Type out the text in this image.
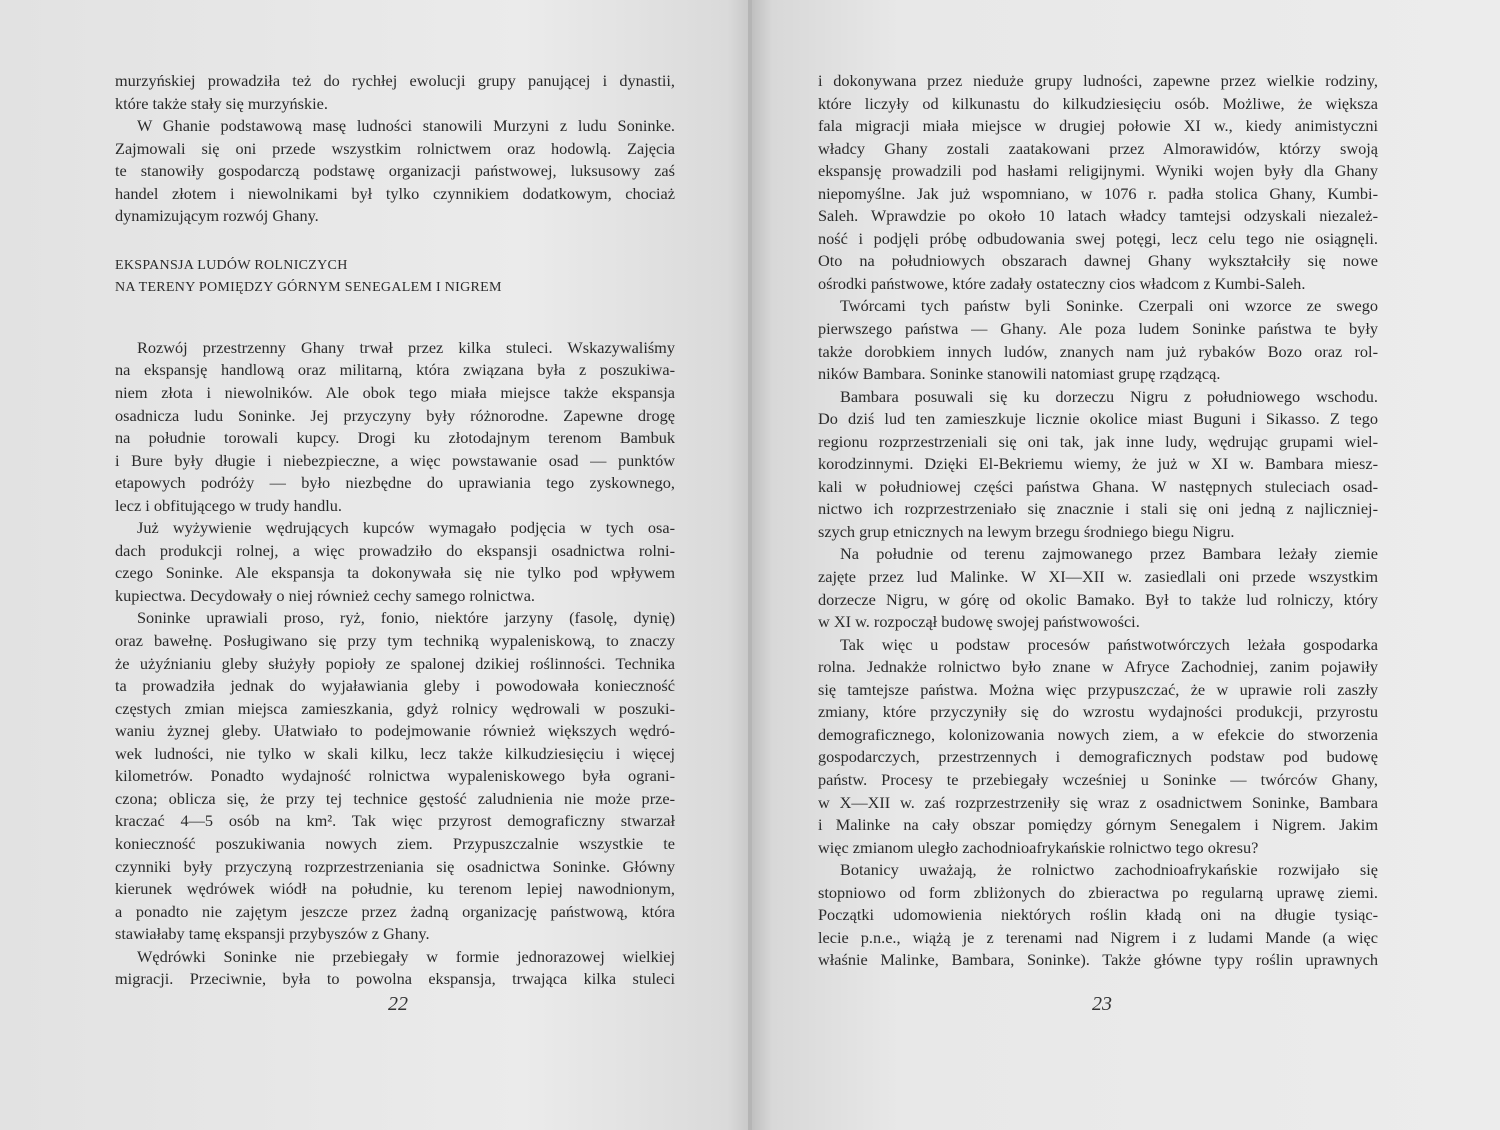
murzyńskiej prowadziła też do rychłej ewolucji grupy panującej i dynastii,
które także stały się murzyńskie.
W Ghanie podstawową masę ludności stanowili Murzyni z ludu Soninke.
Zajmowali się oni przede wszystkim rolnictwem oraz hodowlą. Zajęcia
te stanowiły gospodarczą podstawę organizacji państwowej, luksusowy zaś
handel złotem i niewolnikami był tylko czynnikiem dodatkowym, chociaż
dynamizującym rozwój Ghany.
EKSPANSJA LUDÓW ROLNICZYCH
NA TERENY POMIĘDZY GÓRNYM SENEGALEM I NIGREM
Rozwój przestrzenny Ghany trwał przez kilka stuleci. Wskazywaliśmy
na ekspansję handlową oraz militarną, która związana była z poszukiwa-
niem złota i niewolników. Ale obok tego miała miejsce także ekspansja
osadnicza ludu Soninke. Jej przyczyny były różnorodne. Zapewne drogę
na południe torowali kupcy. Drogi ku złotodajnym terenom Bambuk
i Bure były długie i niebezpieczne, a więc powstawanie osad — punktów
etapowych podróży — było niezbędne do uprawiania tego zyskownego,
lecz i obfitującego w trudy handlu.
Już wyżywienie wędrujących kupców wymagało podjęcia w tych osa-
dach produkcji rolnej, a więc prowadziło do ekspansji osadnictwa rolni-
czego Soninke. Ale ekspansja ta dokonywała się nie tylko pod wpływem
kupiectwa. Decydowały o niej również cechy samego rolnictwa.
Soninke uprawiali proso, ryż, fonio, niektóre jarzyny (fasolę, dynię)
oraz bawełnę. Posługiwano się przy tym techniką wypaleniskową, to znaczy
że użyźnianiu gleby służyły popioły ze spalonej dzikiej roślinności. Technika
ta prowadziła jednak do wyjaławiania gleby i powodowała konieczność
częstych zmian miejsca zamieszkania, gdyż rolnicy wędrowali w poszuki-
waniu żyznej gleby. Ułatwiało to podejmowanie również większych wędró-
wek ludności, nie tylko w skali kilku, lecz także kilkudziesięciu i więcej
kilometrów. Ponadto wydajność rolnictwa wypaleniskowego była ograni-
czona; oblicza się, że przy tej technice gęstość zaludnienia nie może prze-
kraczać 4—5 osób na km². Tak więc przyrost demograficzny stwarzał
konieczność poszukiwania nowych ziem. Przypuszczalnie wszystkie te
czynniki były przyczyną rozprzestrzeniania się osadnictwa Soninke. Główny
kierunek wędrówek wiódł na południe, ku terenom lepiej nawodnionym,
a ponadto nie zajętym jeszcze przez żadną organizację państwową, która
stawiałaby tamę ekspansji przybyszów z Ghany.
Wędrówki Soninke nie przebiegały w formie jednorazowej wielkiej
migracji. Przeciwnie, była to powolna ekspansja, trwająca kilka stuleci
22
i dokonywana przez nieduże grupy ludności, zapewne przez wielkie rodziny,
które liczyły od kilkunastu do kilkudziesięciu osób. Możliwe, że większa
fala migracji miała miejsce w drugiej połowie XI w., kiedy animistyczni
władcy Ghany zostali zaatakowani przez Almorawidów, którzy swoją
ekspansję prowadzili pod hasłami religijnymi. Wyniki wojen były dla Ghany
niepomyślne. Jak już wspomniano, w 1076 r. padła stolica Ghany, Kumbi-
Saleh. Wprawdzie po około 10 latach władcy tamtejsi odzyskali niezależ-
ność i podjęli próbę odbudowania swej potęgi, lecz celu tego nie osiągnęli.
Oto na południowych obszarach dawnej Ghany wykształciły się nowe
ośrodki państwowe, które zadały ostateczny cios władcom z Kumbi-Saleh.
Twórcami tych państw byli Soninke. Czerpali oni wzorce ze swego
pierwszego państwa — Ghany. Ale poza ludem Soninke państwa te były
także dorobkiem innych ludów, znanych nam już rybaków Bozo oraz rol-
ników Bambara. Soninke stanowili natomiast grupę rządzącą.
Bambara posuwali się ku dorzeczu Nigru z południowego wschodu.
Do dziś lud ten zamieszkuje licznie okolice miast Buguni i Sikasso. Z tego
regionu rozprzestrzeniali się oni tak, jak inne ludy, wędrując grupami wiel-
korodzinnymi. Dzięki El-Bekriemu wiemy, że już w XI w. Bambara miesz-
kali w południowej części państwa Ghana. W następnych stuleciach osad-
nictwo ich rozprzestrzeniało się znacznie i stali się oni jedną z najliczniej-
szych grup etnicznych na lewym brzegu środniego biegu Nigru.
Na południe od terenu zajmowanego przez Bambara leżały ziemie
zajęte przez lud Malinke. W XI—XII w. zasiedlali oni przede wszystkim
dorzecze Nigru, w górę od okolic Bamako. Był to także lud rolniczy, który
w XI w. rozpoczął budowę swojej państwowości.
Tak więc u podstaw procesów państwotwórczych leżała gospodarka
rolna. Jednakże rolnictwo było znane w Afryce Zachodniej, zanim pojawiły
się tamtejsze państwa. Można więc przypuszczać, że w uprawie roli zaszły
zmiany, które przyczyniły się do wzrostu wydajności produkcji, przyrostu
demograficznego, kolonizowania nowych ziem, a w efekcie do stworzenia
gospodarczych, przestrzennych i demograficznych podstaw pod budowę
państw. Procesy te przebiegały wcześniej u Soninke — twórców Ghany,
w X—XII w. zaś rozprzestrzeniły się wraz z osadnictwem Soninke, Bambara
i Malinke na cały obszar pomiędzy górnym Senegalem i Nigrem. Jakim
więc zmianom uległo zachodnioafrykańskie rolnictwo tego okresu?
Botanicy uważają, że rolnictwo zachodnioafrykańskie rozwijało się
stopniowo od form zbliżonych do zbieractwa po regularną uprawę ziemi.
Początki udomowienia niektórych roślin kładą oni na długie tysiąc-
lecie p.n.e., wiążą je z terenami nad Nigrem i z ludami Mande (a więc
właśnie Malinke, Bambara, Soninke). Także główne typy roślin uprawnych
23
